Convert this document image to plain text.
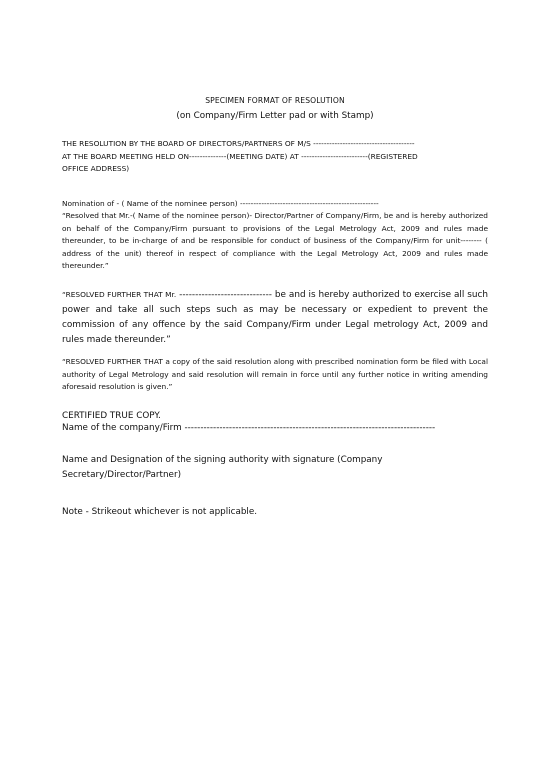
SPECIMEN FORMAT OF RESOLUTION

(on Company/Firm Letter pad or with Stamp)

THE RESOLUTION BY THE BOARD OF DIRECTORS/PARTNERS OF M/S --------------------------------------

AT THE BOARD MEETING HELD ON--------------(MEETING DATE) AT -------------------------(REGISTERED

OFFICE ADDRESS)

Nomination of - ( Name of the nominee person) ----------------------------------------------------

“Resolved that Mr.-( Name of the nominee person)- Director/Partner of Company/Firm, be and is hereby authorized on behalf of the Company/Firm pursuant to provisions of the Legal Metrology Act, 2009 and rules made thereunder, to be in-charge of and be responsible for conduct of business of the Company/Firm for unit-------- ( address of the unit) thereof in respect of compliance with the Legal Metrology Act, 2009 and rules made thereunder.”

“RESOLVED FURTHER THAT Mr. ----------------------------- be and is hereby authorized to exercise all such power and take all such steps such as may be necessary or expedient to prevent the commission of any offence by the said Company/Firm under Legal metrology Act, 2009 and rules made thereunder.”

“RESOLVED FURTHER THAT a copy of the said resolution along with prescribed nomination form be filed with Local authority of Legal Metrology and said resolution will remain in force until any further notice in writing amending aforesaid resolution is given.”

CERTIFIED TRUE COPY.

Name of the company/Firm -------------------------------------------------------------------------------

Name and Designation of the signing authority with signature (Company Secretary/Director/Partner)

Note - Strikeout whichever is not applicable.
